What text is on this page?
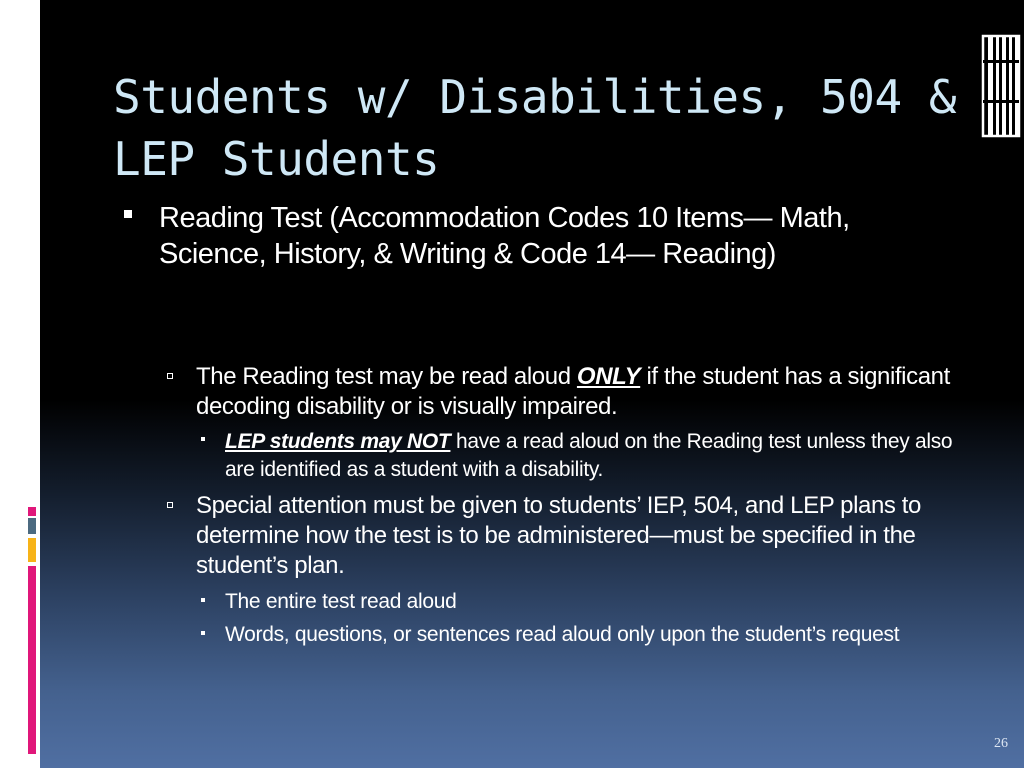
Students w/ Disabilities, 504 &
LEP Students

Reading Test (Accommodation Codes 10 Items— Math, Science, History, & Writing & Code 14— Reading)

The Reading test may be read aloud ONLY if the student has a significant decoding disability or is visually impaired.

LEP students may NOT have a read aloud on the Reading test unless they also are identified as a student with a disability.

Special attention must be given to students’ IEP, 504, and LEP plans to determine how the test is to be administered—must be specified in the student’s plan.

The entire test read aloud

Words, questions, or sentences read aloud only upon the student’s request

26
